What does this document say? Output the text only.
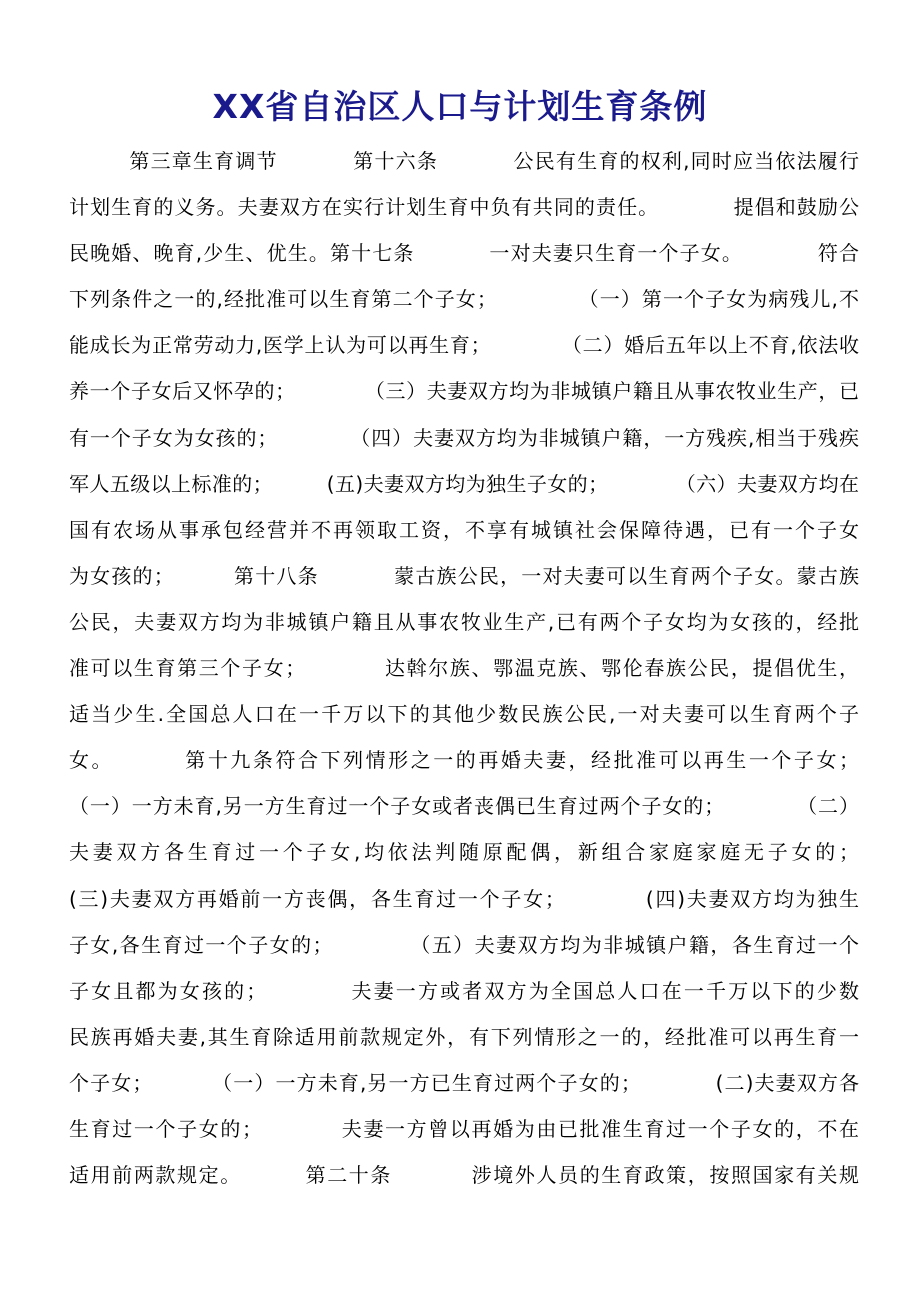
XX省自治区人口与计划生育条例
第三章生育调节          第十六条          公民有生育的权利,同时应当依法履行
计划生育的义务。夫妻双方在实行计划生育中负有共同的责任。          提倡和鼓励公
民晚婚、晚育,少生、优生。第十七条          一对夫妻只生育一个子女。          符合
下列条件之一的,经批准可以生育第二个子女；           （一）第一个子女为病残儿,不
能成长为正常劳动力,医学上认为可以再生育；          （二）婚后五年以上不育,依法收
养一个子女后又怀孕的；          （三）夫妻双方均为非城镇户籍且从事农牧业生产，已
有一个子女为女孩的；          （四）夫妻双方均为非城镇户籍，一方残疾,相当于残疾
军人五级以上标准的；        (五)夫妻双方均为独生子女的；          （六）夫妻双方均在
国有农场从事承包经营并不再领取工资，不享有城镇社会保障待遇，已有一个子女
为女孩的；        第十八条          蒙古族公民，一对夫妻可以生育两个子女。蒙古族
公民，夫妻双方均为非城镇户籍且从事农牧业生产,已有两个子女均为女孩的，经批
准可以生育第三个子女；          达斡尔族、鄂温克族、鄂伦春族公民，提倡优生，
适当少生.全国总人口在一千万以下的其他少数民族公民,一对夫妻可以生育两个子
女。        第十九条符合下列情形之一的再婚夫妻，经批准可以再生一个子女；
（一）一方未育,另一方生育过一个子女或者丧偶已生育过两个子女的；          （二）
夫妻双方各生育过一个子女,均依法判随原配偶，新组合家庭家庭无子女的；
(三)夫妻双方再婚前一方丧偶，各生育过一个子女；          (四)夫妻双方均为独生
子女,各生育过一个子女的；          （五）夫妻双方均为非城镇户籍，各生育过一个
子女且都为女孩的；          夫妻一方或者双方为全国总人口在一千万以下的少数
民族再婚夫妻,其生育除适用前款规定外，有下列情形之一的，经批准可以再生育一
个子女；        （一）一方未育,另一方已生育过两个子女的；          (二)夫妻双方各
生育过一个子女的；          夫妻一方曾以再婚为由已批准生育过一个子女的，不在
适用前两款规定。        第二十条          涉境外人员的生育政策，按照国家有关规
